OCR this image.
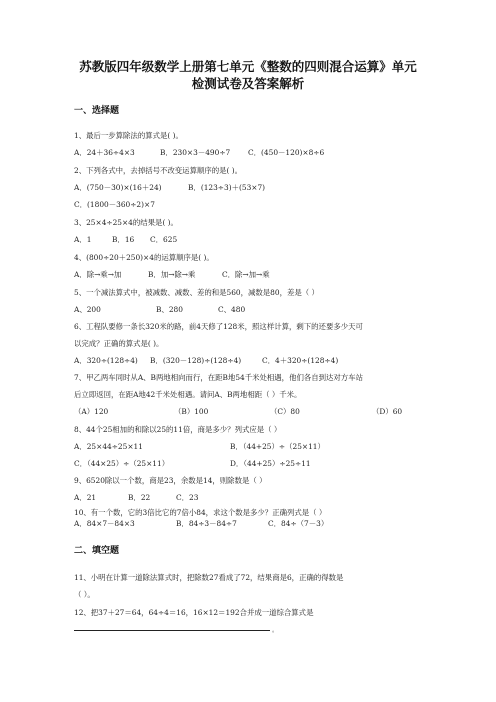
苏教版四年级数学上册第七单元《整数的四则混合运算》单元
检测试卷及答案解析
一、选择题
1、最后一步算除法的算式是( )。
A．24＋36÷4×3	B．230×3－490÷7 C．(450－120)×8÷6
2、下列各式中，去掉括号不改变运算顺序的是( )。
A．(750－30)×(16＋24)	B．(123÷3)＋(53×7)
C．(1800－360÷2)×7
3、25×4÷25×4的结果是( )。
A．1	B．16 C．625
4、(800÷20＋250)×4的运算顺序是( )。
A．除→乘→加	B．加→除→乘	C．除→加→乘
5、一个减法算式中，被减数、减数、差的和是560，减数是80，差是（ ）
A、200	B、280	C、480
6、工程队要修一条长320米的路，前4天修了128米，照这样计算，剩下的还要多少天可
以完成？正确的算式是( )。
A．320÷(128÷4) B．(320－128)÷(128÷4)	C．4＋320÷(128÷4)
7、甲乙两车同时从A、B两地相向而行，在距B地54千米处相遇，他们各自到达对方车站
后立即返回，在距A地42千米处相遇。请问A、B两地相距（ ）千米。
（A）120	（B）100	（C）80	（D）60
8、44个25相加的和除以25的11倍，商是多少？列式应是（ ）
A．25×44÷25×11	B．（44+25）÷（25×11）
C．（44×25）÷（25×11）	D．（44+25）÷25÷11
9、6520除以一个数，商是23，余数是14，则除数是（ ）
A．21	B．22	C．23
10、有一个数，它的3倍比它的7倍小84，求这个数是多少？正确列式是（ ）
A．84×7－84×3	B．84÷3－84÷7	C．84÷（7－3）
二、填空题
11、小明在计算一道除法算式时，把除数27看成了72，结果商是6，正确的得数是
（ ）。
12、把37＋27＝64，64÷4＝16，16×12＝192合并成一道综合算式是
。
